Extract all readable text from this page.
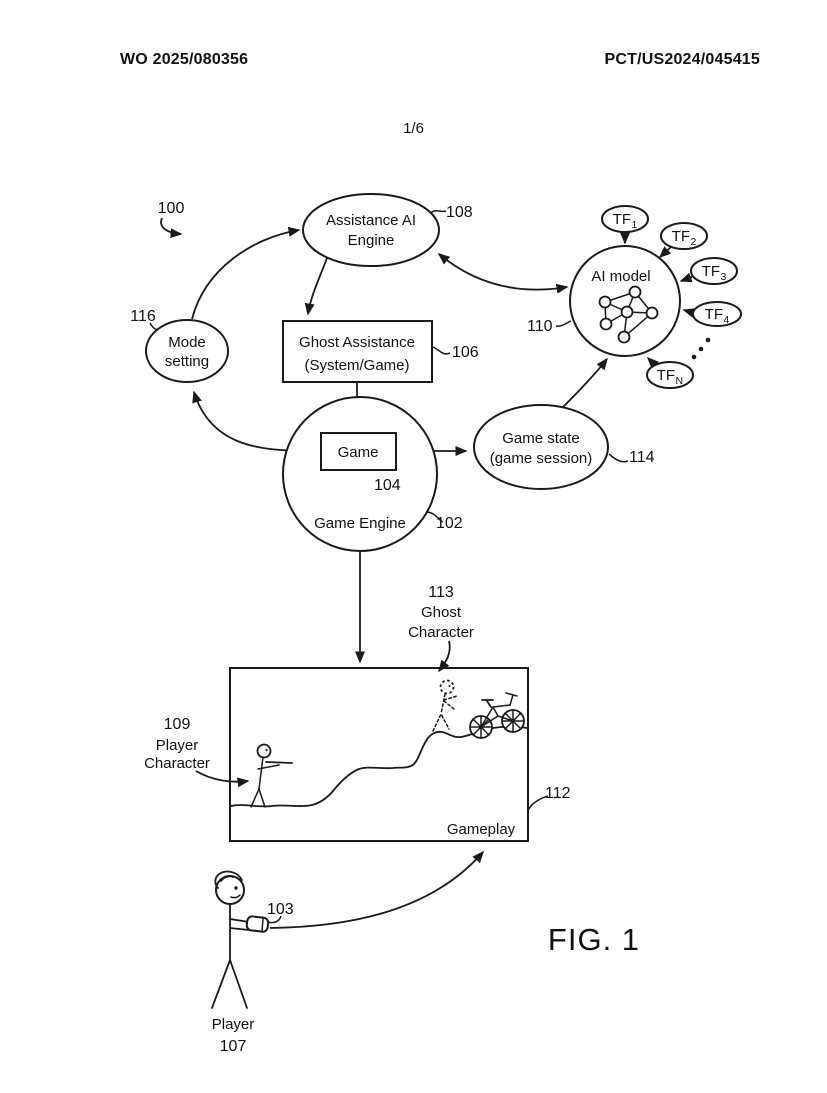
WO 2025/080356	PCT/US2024/045415
1/6
100
Assistance AI
Engine
108
116
Mode
setting
Ghost Assistance
(System/Game)
106
Game
104
Game Engine 102
Game state
(game session) 114
AI model
110
TF 1
TF 2
TF 3
TF 4
TF N
113
Ghost
Character
109
Player
Character
Gameplay
112
103
Player
107
FIG. 1
